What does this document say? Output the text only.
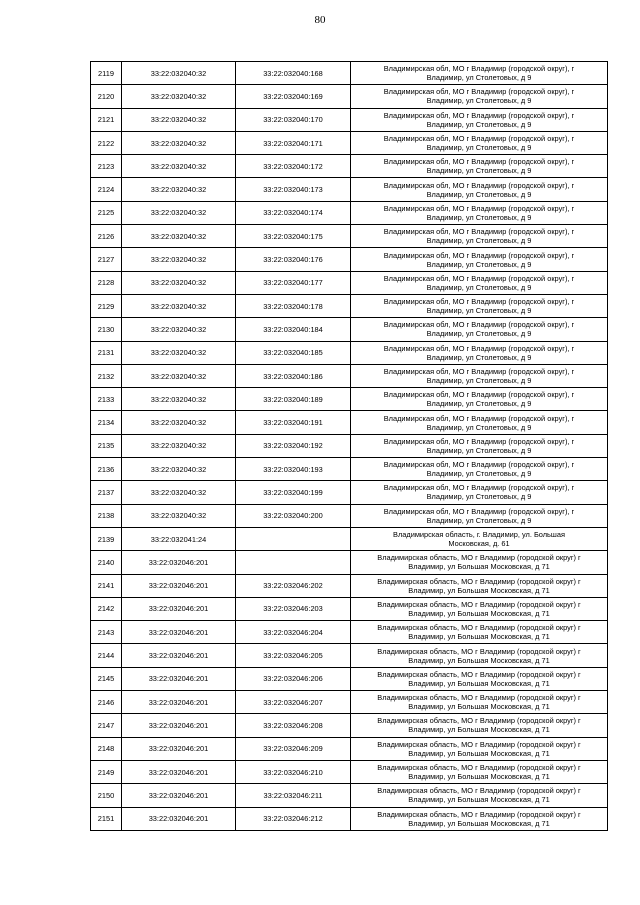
80
2119	33:22:032040:32	33:22:032040:168	Владимирская обл, МО г Владимир (городской округ), г
Владимир, ул Столетовых, д 9

2120	33:22:032040:32	33:22:032040:169	Владимирская обл, МО г Владимир (городской округ), г
Владимир, ул Столетовых, д 9

2121	33:22:032040:32	33:22:032040:170	Владимирская обл, МО г Владимир (городской округ), г
Владимир, ул Столетовых, д 9

2122	33:22:032040:32	33:22:032040:171	Владимирская обл, МО г Владимир (городской округ), г
Владимир, ул Столетовых, д 9

2123	33:22:032040:32	33:22:032040:172	Владимирская обл, МО г Владимир (городской округ), г
Владимир, ул Столетовых, д 9

2124	33:22:032040:32	33:22:032040:173	Владимирская обл, МО г Владимир (городской округ), г
Владимир, ул Столетовых, д 9

2125	33:22:032040:32	33:22:032040:174	Владимирская обл, МО г Владимир (городской округ), г
Владимир, ул Столетовых, д 9

2126	33:22:032040:32	33:22:032040:175	Владимирская обл, МО г Владимир (городской округ), г
Владимир, ул Столетовых, д 9

2127	33:22:032040:32	33:22:032040:176	Владимирская обл, МО г Владимир (городской округ), г
Владимир, ул Столетовых, д 9

2128	33:22:032040:32	33:22:032040:177	Владимирская обл, МО г Владимир (городской округ), г
Владимир, ул Столетовых, д 9

2129	33:22:032040:32	33:22:032040:178	Владимирская обл, МО г Владимир (городской округ), г
Владимир, ул Столетовых, д 9

2130	33:22:032040:32	33:22:032040:184	Владимирская обл, МО г Владимир (городской округ), г
Владимир, ул Столетовых, д 9

2131	33:22:032040:32	33:22:032040:185	Владимирская обл, МО г Владимир (городской округ), г
Владимир, ул Столетовых, д 9

2132	33:22:032040:32	33:22:032040:186	Владимирская обл, МО г Владимир (городской округ), г
Владимир, ул Столетовых, д 9

2133	33:22:032040:32	33:22:032040:189	Владимирская обл, МО г Владимир (городской округ), г
Владимир, ул Столетовых, д 9

2134	33:22:032040:32	33:22:032040:191	Владимирская обл, МО г Владимир (городской округ), г
Владимир, ул Столетовых, д 9

2135	33:22:032040:32	33:22:032040:192	Владимирская обл, МО г Владимир (городской округ), г
Владимир, ул Столетовых, д 9

2136	33:22:032040:32	33:22:032040:193	Владимирская обл, МО г Владимир (городской округ), г
Владимир, ул Столетовых, д 9

2137	33:22:032040:32	33:22:032040:199	Владимирская обл, МО г Владимир (городской округ), г
Владимир, ул Столетовых, д 9

2138	33:22:032040:32	33:22:032040:200	Владимирская обл, МО г Владимир (городской округ), г
Владимир, ул Столетовых, д 9

2139	33:22:032041:24		Владимирская область, г. Владимир, ул. Большая
Московская, д. 61

2140	33:22:032046:201		Владимирская область, МО г Владимир (городской округ) г
Владимир, ул Большая Московская, д 71

2141	33:22:032046:201	33:22:032046:202	Владимирская область, МО г Владимир (городской округ) г
Владимир, ул Большая Московская, д 71

2142	33:22:032046:201	33:22:032046:203	Владимирская область, МО г Владимир (городской округ) г
Владимир, ул Большая Московская, д 71

2143	33:22:032046:201	33:22:032046:204	Владимирская область, МО г Владимир (городской округ) г
Владимир, ул Большая Московская, д 71

2144	33:22:032046:201	33:22:032046:205	Владимирская область, МО г Владимир (городской округ) г
Владимир, ул Большая Московская, д 71

2145	33:22:032046:201	33:22:032046:206	Владимирская область, МО г Владимир (городской округ) г
Владимир, ул Большая Московская, д 71

2146	33:22:032046:201	33:22:032046:207	Владимирская область, МО г Владимир (городской округ) г
Владимир, ул Большая Московская, д 71

2147	33:22:032046:201	33:22:032046:208	Владимирская область, МО г Владимир (городской округ) г
Владимир, ул Большая Московская, д 71

2148	33:22:032046:201	33:22:032046:209	Владимирская область, МО г Владимир (городской округ) г
Владимир, ул Большая Московская, д 71

2149	33:22:032046:201	33:22:032046:210	Владимирская область, МО г Владимир (городской округ) г
Владимир, ул Большая Московская, д 71

2150	33:22:032046:201	33:22:032046:211	Владимирская область, МО г Владимир (городской округ) г
Владимир, ул Большая Московская, д 71

2151	33:22:032046:201	33:22:032046:212	Владимирская область, МО г Владимир (городской округ) г
Владимир, ул Большая Московская, д 71
